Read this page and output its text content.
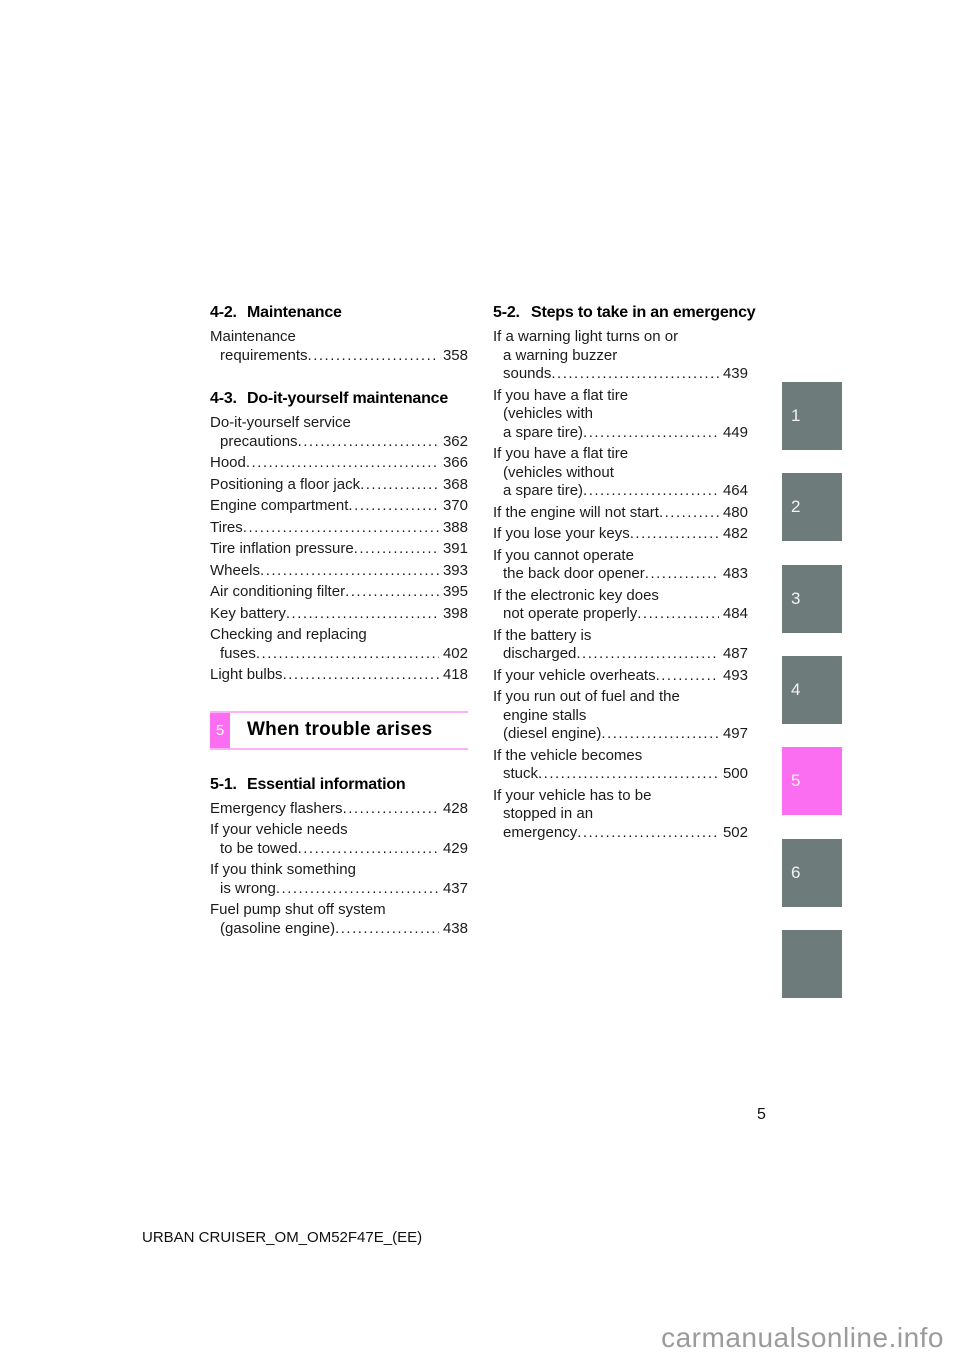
4-2. Maintenance
Maintenance
requirements .....	358
4-3. Do-it-yourself maintenance
Do-it-yourself service
precautions .....	362
Hood .....	366
Positioning a floor jack .....	368
Engine compartment .....	370
Tires .....	388
Tire inflation pressure .....	391
Wheels .....	393
Air conditioning filter .....	395
Key battery .....	398
Checking and replacing
fuses .....	402
Light bulbs .....	418
5	When trouble arises
5-1. Essential information
Emergency flashers .....	428
If your vehicle needs
to be towed .....	429
If you think something
is wrong .....	437
Fuel pump shut off system
(gasoline engine) .....	438
5-2. Steps to take in an emergency
If a warning light turns on or
a warning buzzer
sounds .....	439
If you have a flat tire
(vehicles with
a spare tire) .....	449
If you have a flat tire
(vehicles without
a spare tire) .....	464
If the engine will not start .....	480
If you lose your keys .....	482
If you cannot operate
the back door opener .....	483
If the electronic key does
not operate properly .....	484
If the battery is
discharged .....	487
If your vehicle overheats .....	493
If you run out of fuel and the
engine stalls
(diesel engine) .....	497
If the vehicle becomes
stuck .....	500
If your vehicle has to be
stopped in an
emergency .....	502
1
2
3
4
5
6
5
URBAN CRUISER_OM_OM52F47E_(EE)
carmanualsonline.info
